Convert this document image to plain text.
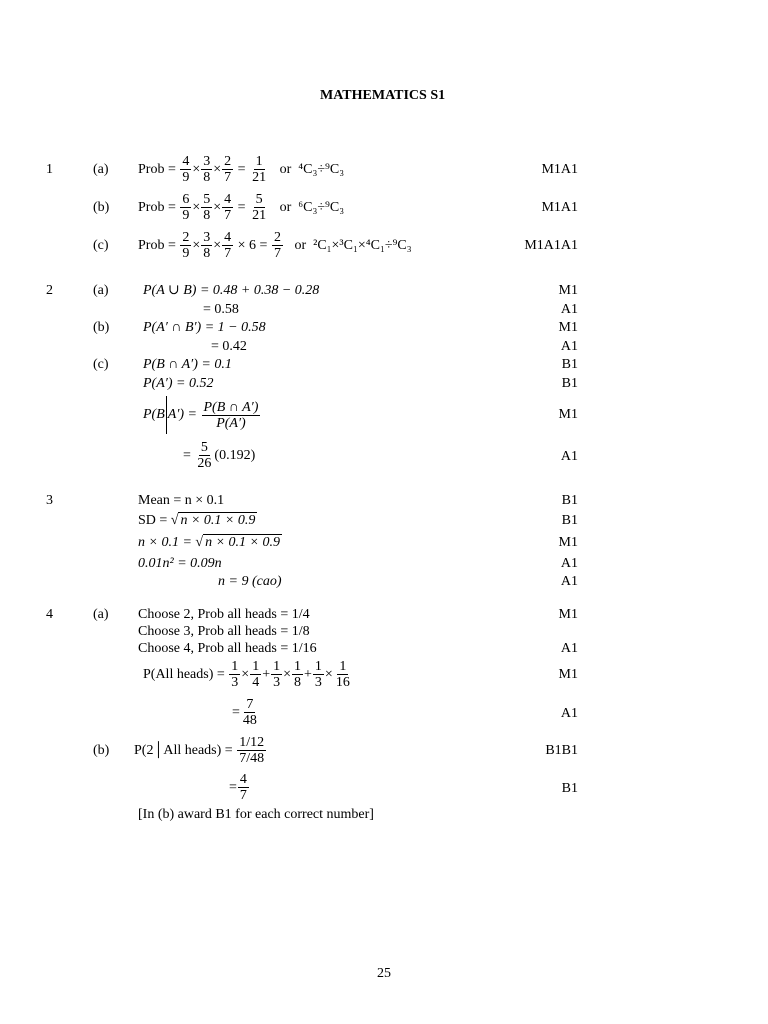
MATHEMATICS S1
1	(a) Prob = $\frac{4}{9} \times \frac{3}{8} \times \frac{2}{7} = \frac{1}{21}$ or ⁴C₃÷⁹C₃	M1A1
(b) Prob = $\frac{6}{9} \times \frac{5}{8} \times \frac{4}{7} = \frac{5}{21}$ or ⁶C₃÷⁹C₃	M1A1
(c) Prob = $\frac{2}{9} \times \frac{3}{8} \times \frac{4}{7} \times 6 = \frac{2}{7}$ or ²C₁×³C₁×⁴C₁÷⁹C₃	M1A1A1
2	(a) P(A ∪ B) = 0.48 + 0.38 − 0.28	M1
= 0.58	A1
(b) P(A′ ∩ B′) = 1 − 0.58	M1
= 0.42	A1
(c) P(B ∩ A′) = 0.1	B1
P(A′) = 0.52	B1
P(B $A') = \frac{P(B \cap A')}{P(A')}$	M1
= $\frac{5}{26} (0.192)$	A1
3	Mean = n × 0.1	B1
SD = √ n × 0.1 × 0.9	B1
n × 0.1 = √ n × 0.1 × 0.9	M1
0.01n² = 0.09n	A1
n = 9 (cao)	A1
4	(a) Choose 2, Prob all heads = 1/4	M1
Choose 3, Prob all heads = 1/8
Choose 4, Prob all heads = 1/16	A1
P(All heads) = $\frac{1}{3} \times \frac{1}{4} + \frac{1}{3} \times \frac{1}{8} + \frac{1}{3} \times \frac{1}{16}$	M1
= $\frac{7}{48}$	A1
(b) P(2│All heads) = $\frac{1/12}{7/48}$	B1B1
= $\frac{4}{7}$	B1
[In (b) award B1 for each correct number]
25
